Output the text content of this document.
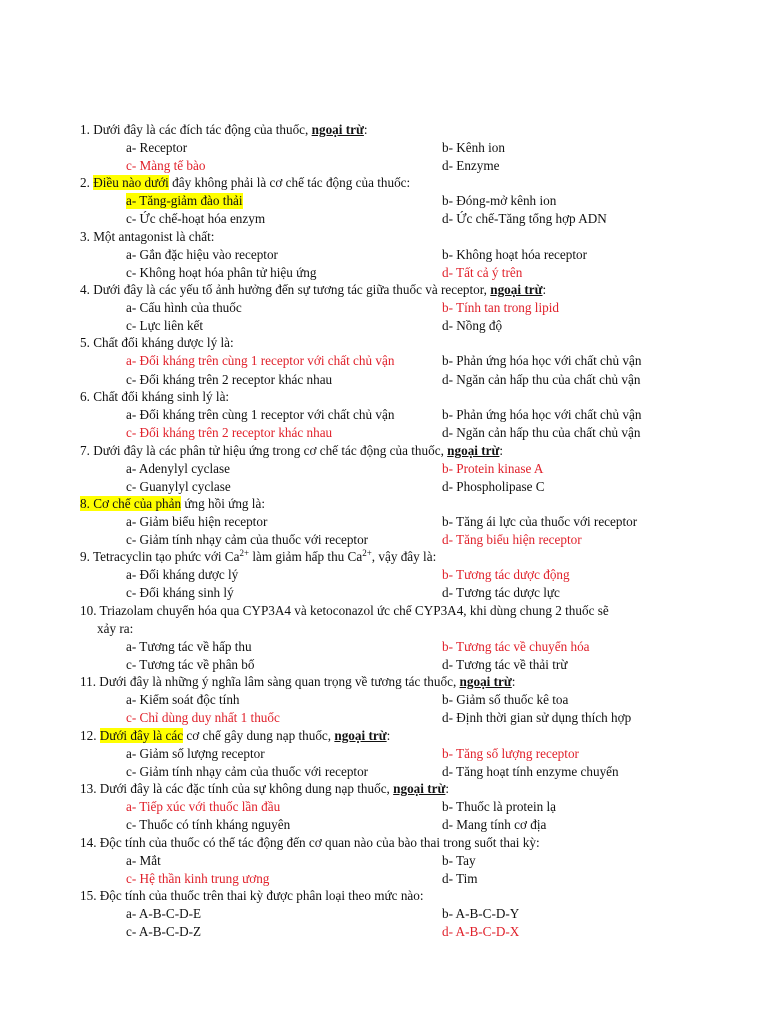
1. Dưới đây là các đích tác động của thuốc, ngoại trừ:
a- Receptor	b- Kênh ion
c- Màng tế bào	d- Enzyme
2. Điều nào dưới đây không phải là cơ chế tác động của thuốc:
a- Tăng-giảm đào thải	b- Đóng-mở kênh ion
c- Ức chế-hoạt hóa enzym	d- Ức chế-Tăng tổng hợp ADN
3. Một antagonist là chất:
a- Gắn đặc hiệu vào receptor	b- Không hoạt hóa receptor
c- Không hoạt hóa phân tử hiệu ứng	d- Tất cả ý trên
4. Dưới đây là các yếu tố ảnh hưởng đến sự tương tác giữa thuốc và receptor, ngoại trừ:
a- Cấu hình của thuốc	b- Tính tan trong lipid
c- Lực liên kết	d- Nồng độ
5. Chất đối kháng dược lý là:
a- Đối kháng trên cùng 1 receptor với chất chủ vận	b- Phản ứng hóa học với chất chủ vận
c- Đối kháng trên 2 receptor khác nhau	d- Ngăn cản hấp thu của chất chủ vận
6. Chất đối kháng sinh lý là:
a- Đối kháng trên cùng 1 receptor với chất chủ vận	b- Phản ứng hóa học với chất chủ vận
c- Đối kháng trên 2 receptor khác nhau	d- Ngăn cản hấp thu của chất chủ vận
7. Dưới đây là các phân tử hiệu ứng trong cơ chế tác động của thuốc, ngoại trừ:
a- Adenylyl cyclase	b- Protein kinase A
c- Guanylyl cyclase	d- Phospholipase C
8. Cơ chế của phản ứng hồi ứng là:
a- Giảm biểu hiện receptor	b- Tăng ái lực của thuốc với receptor
c- Giảm tính nhạy cảm của thuốc với receptor	d- Tăng biểu hiện receptor
9. Tetracyclin tạo phức với $Ca^{2+}$ làm giảm hấp thu $Ca^{2+}$, vậy đây là:
a- Đối kháng dược lý	b- Tương tác dược động
c- Đối kháng sinh lý	d- Tương tác dược lực
10. Triazolam chuyển hóa qua CYP3A4 và ketoconazol ức chế CYP3A4, khi dùng chung 2 thuốc sẽ
xảy ra:
a- Tương tác về hấp thu	b- Tương tác về chuyển hóa
c- Tương tác về phân bố	d- Tương tác về thải trừ
11. Dưới đây là những ý nghĩa lâm sàng quan trọng về tương tác thuốc, ngoại trừ:
a- Kiểm soát độc tính	b- Giảm số thuốc kê toa
c- Chỉ dùng duy nhất 1 thuốc	d- Định thời gian sử dụng thích hợp
12. Dưới đây là các cơ chế gây dung nạp thuốc, ngoại trừ:
a- Giảm số lượng receptor	b- Tăng số lượng receptor
c- Giảm tính nhạy cảm của thuốc với receptor	d- Tăng hoạt tính enzyme chuyển
13. Dưới đây là các đặc tính của sự không dung nạp thuốc, ngoại trừ:
a- Tiếp xúc với thuốc lần đầu	b- Thuốc là protein lạ
c- Thuốc có tính kháng nguyên	d- Mang tính cơ địa
14. Độc tính của thuốc có thể tác động đến cơ quan nào của bào thai trong suốt thai kỳ:
a- Mắt	b- Tay
c- Hệ thần kinh trung ương	d- Tim
15. Độc tính của thuốc trên thai kỳ được phân loại theo mức nào:
a- A-B-C-D-E	b- A-B-C-D-Y
c- A-B-C-D-Z	d- A-B-C-D-X
